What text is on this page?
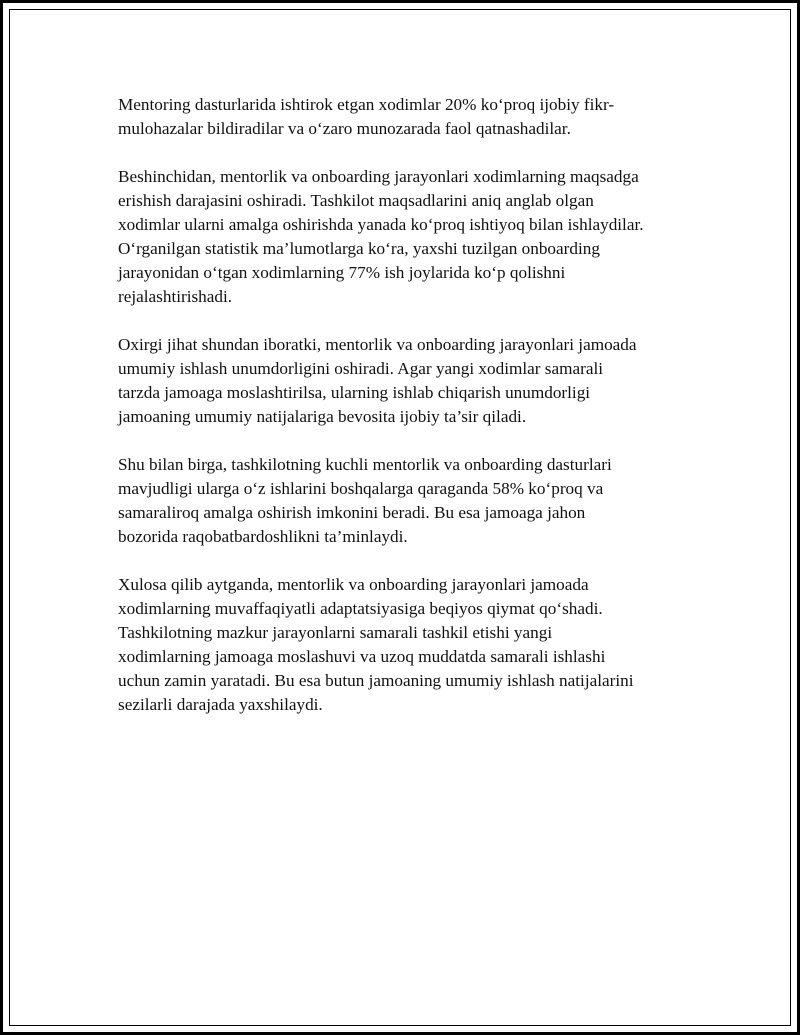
Mentoring dasturlarida ishtirok etgan xodimlar 20% ko‘proq ijobiy fikr-
mulohazalar bildiradilar va o‘zaro munozarada faol qatnashadilar.

Beshinchidan, mentorlik va onboarding jarayonlari xodimlarning maqsadga
erishish darajasini oshiradi. Tashkilot maqsadlarini aniq anglab olgan
xodimlar ularni amalga oshirishda yanada ko‘proq ishtiyoq bilan ishlaydilar.
O‘rganilgan statistik ma’lumotlarga ko‘ra, yaxshi tuzilgan onboarding
jarayonidan o‘tgan xodimlarning 77% ish joylarida ko‘p qolishni
rejalashtirishadi.

Oxirgi jihat shundan iboratki, mentorlik va onboarding jarayonlari jamoada
umumiy ishlash unumdorligini oshiradi. Agar yangi xodimlar samarali
tarzda jamoaga moslashtirilsa, ularning ishlab chiqarish unumdorligi
jamoaning umumiy natijalariga bevosita ijobiy ta’sir qiladi.

Shu bilan birga, tashkilotning kuchli mentorlik va onboarding dasturlari
mavjudligi ularga o‘z ishlarini boshqalarga qaraganda 58% ko‘proq va
samaraliroq amalga oshirish imkonini beradi. Bu esa jamoaga jahon
bozorida raqobatbardoshlikni ta’minlaydi.

Xulosa qilib aytganda, mentorlik va onboarding jarayonlari jamoada
xodimlarning muvaffaqiyatli adaptatsiyasiga beqiyos qiymat qo‘shadi.
Tashkilotning mazkur jarayonlarni samarali tashkil etishi yangi
xodimlarning jamoaga moslashuvi va uzoq muddatda samarali ishlashi
uchun zamin yaratadi. Bu esa butun jamoaning umumiy ishlash natijalarini
sezilarli darajada yaxshilaydi.
